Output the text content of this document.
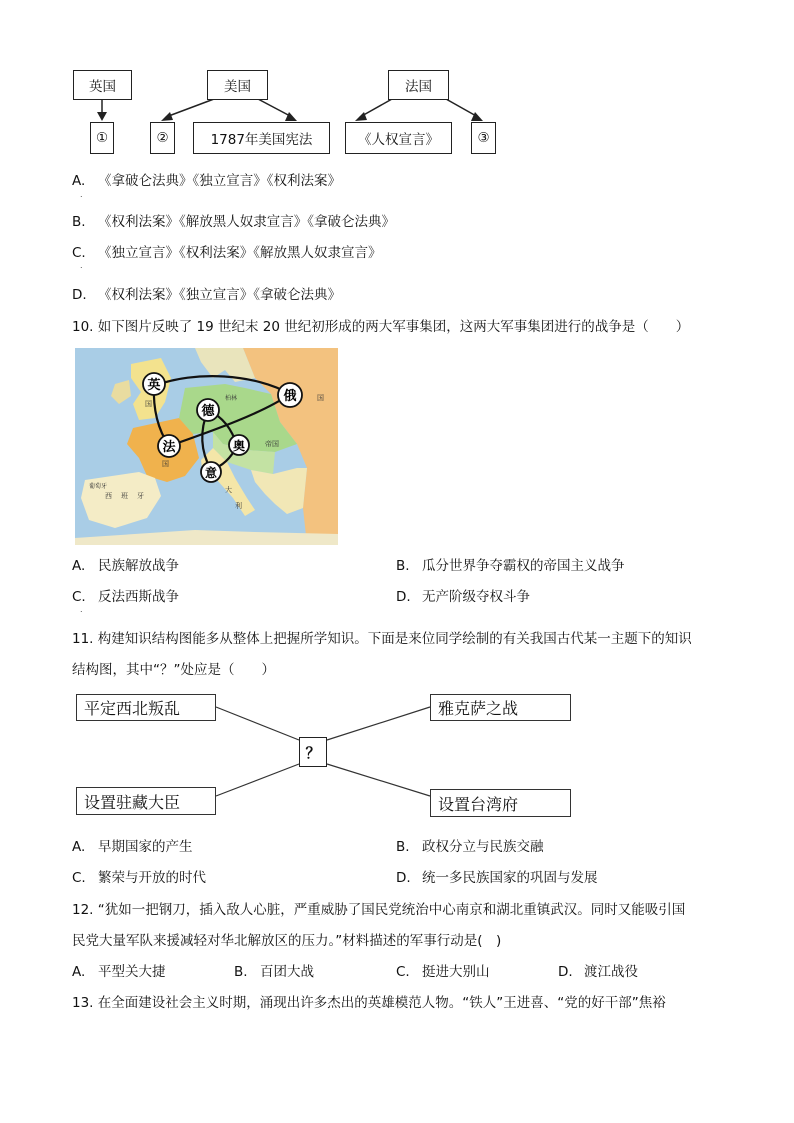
英国	美国	法国
①	②	1787年美国宪法	《人权宣言》	③
A. 《拿破仑法典》《独立宣言》《权利法案》
.
B. 《权利法案》《解放黑人奴隶宣言》《拿破仑法典》
C. 《独立宣言》《权利法案》《解放黑人奴隶宣言》
.
D. 《权利法案》《独立宣言》《拿破仑法典》
10. 如下图片反映了 19 世纪末 20 世纪初形成的两大军事集团，这两大军事集团进行的战争是（　　）
国
国
国
柏林
帝国
大
利
西 班 牙
葡萄牙
英
俄
德
法	奥
意
A. 民族解放战争	B. 瓜分世界争夺霸权的帝国主义战争
C. 反法西斯战争
.
D. 无产阶级夺权斗争
11. 构建知识结构图能多从整体上把握所学知识。下面是来位同学绘制的有关我国古代某一主题下的知识
结构图，其中“？”处应是（　　）
平定西北叛乱	雅克萨之战
？
设置驻藏大臣	设置台湾府
A. 早期国家的产生	B. 政权分立与民族交融
C. 繁荣与开放的时代	D. 统一多民族国家的巩固与发展
12. “犹如一把钢刀，插入敌人心脏，严重威胁了国民党统治中心南京和湖北重镇武汉。同时又能吸引国
民党大量军队来援减轻对华北解放区的压力。”材料描述的军事行动是(　)
A. 平型关大捷	B. 百团大战	C. 挺进大别山	D. 渡江战役
13. 在全面建设社会主义时期，涌现出许多杰出的英雄模范人物。“铁人”王进喜、“党的好干部”焦裕
